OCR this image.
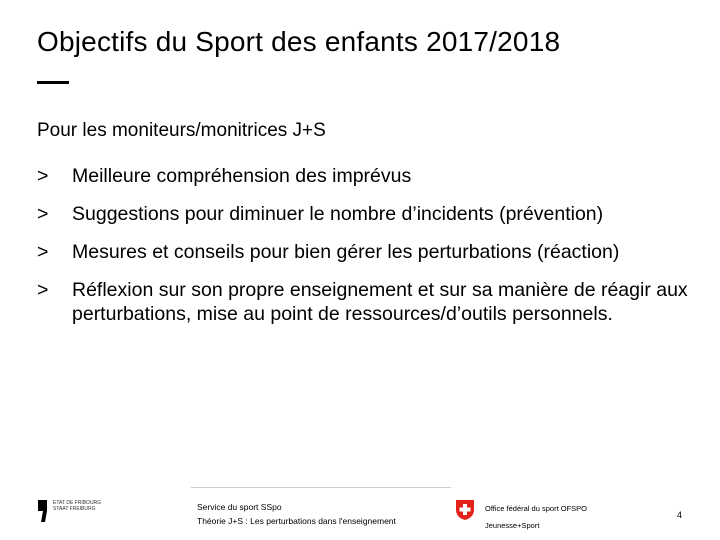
Objectifs du Sport des enfants 2017/2018
Pour les moniteurs/monitrices J+S
> Meilleure compréhension des imprévus
> Suggestions pour diminuer le nombre d’incidents (prévention)
> Mesures et conseils pour bien gérer les perturbations (réaction)
> Réflexion sur son propre enseignement et sur sa manière de réagir aux perturbations, mise au point de ressources/d’outils personnels.
ETAT DE FRIBOURG
STAAT FREIBURG	Service du sport SSpo
Théorie J+S : Les perturbations dans l'enseignement
Office fédéral du sport OFSPO
Jeunesse+Sport
4
